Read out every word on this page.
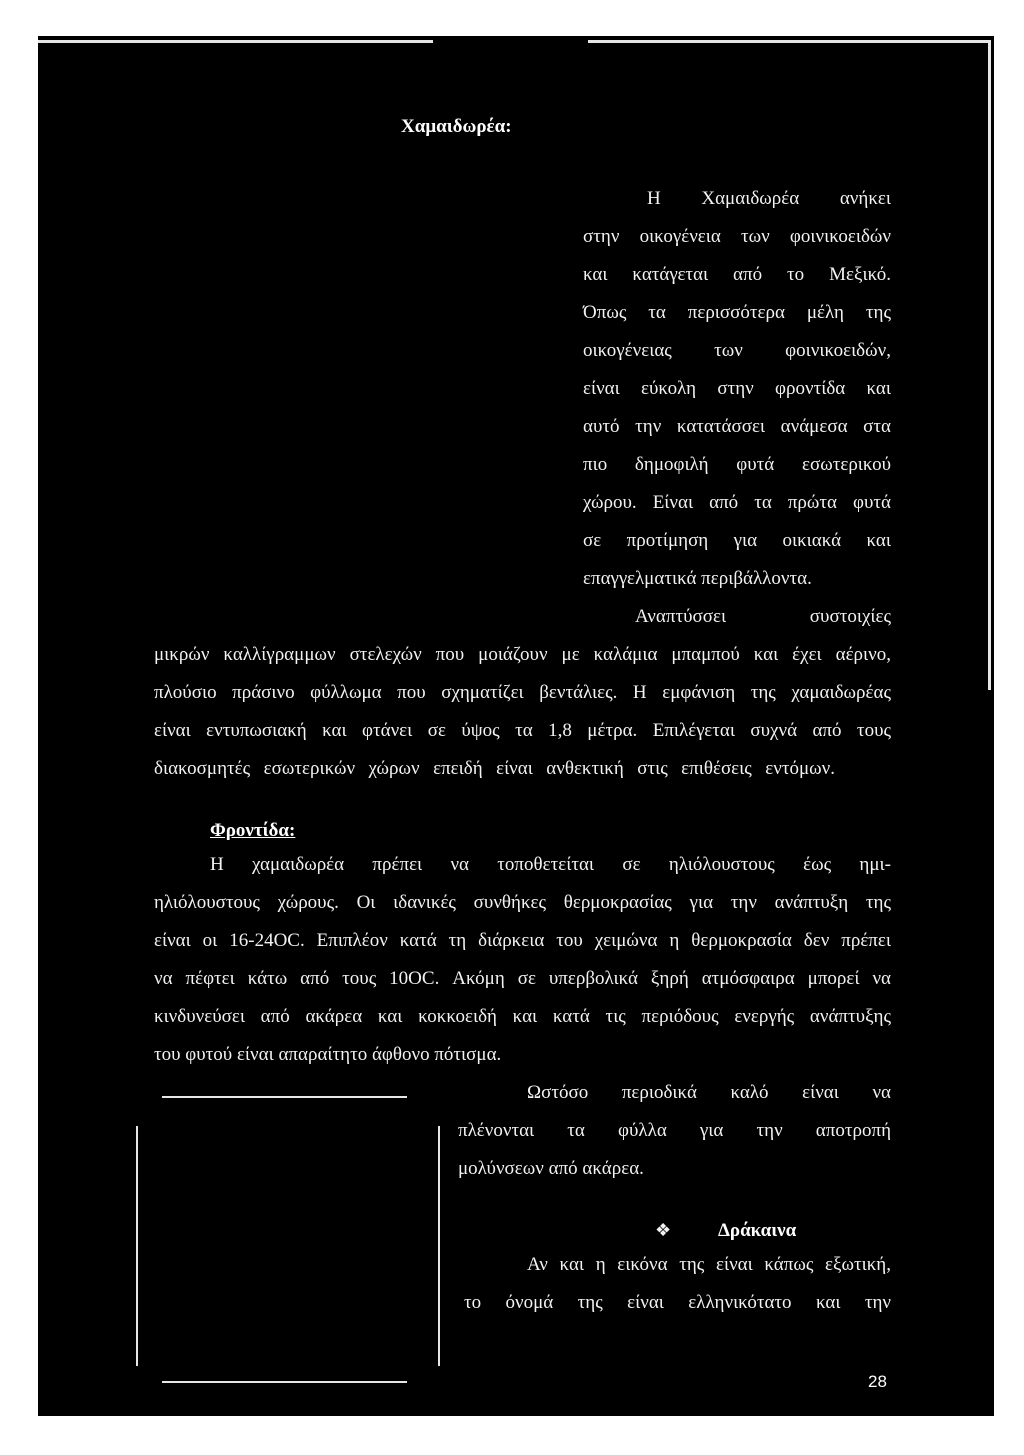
Χαμαιδωρέα:
Η Χαμαιδωρέα ανήκει
στην οικογένεια των φοινικοειδών
και κατάγεται από το Μεξικό.
Όπως τα περισσότερα μέλη της
οικογένειας των φοινικοειδών,
είναι εύκολη στην φροντίδα και
αυτό την κατατάσσει ανάμεσα στα
πιο δημοφιλή φυτά εσωτερικού
χώρου. Είναι από τα πρώτα φυτά
σε προτίμηση για οικιακά και
επαγγελματικά περιβάλλοντα.
Αναπτύσσει συστοιχίες
μικρών καλλίγραμμων στελεχών που μοιάζουν με καλάμια μπαμπού και έχει αέρινο,
πλούσιο πράσινο φύλλωμα που σχηματίζει βεντάλιες. Η εμφάνιση της χαμαιδωρέας
είναι εντυπωσιακή και φτάνει σε ύψος τα 1,8 μέτρα. Επιλέγεται συχνά από τους
διακοσμητές εσωτερικών χώρων επειδή είναι ανθεκτική στις επιθέσεις εντόμων.
Φροντίδα:
Η χαμαιδωρέα πρέπει να τοποθετείται σε ηλιόλουστους έως ημι-
ηλιόλουστους χώρους. Οι ιδανικές συνθήκες θερμοκρασίας για την ανάπτυξη της
είναι οι 16-24ΟC. Επιπλέον κατά τη διάρκεια του χειμώνα η θερμοκρασία δεν πρέπει
να πέφτει κάτω από τους 10ΟC. Ακόμη σε υπερβολικά ξηρή ατμόσφαιρα μπορεί να
κινδυνεύσει από ακάρεα και κοκκοειδή και κατά τις περιόδους ενεργής ανάπτυξης
του φυτού είναι απαραίτητο άφθονο πότισμα.
Ωστόσο περιοδικά καλό είναι να
πλένονται τα φύλλα για την αποτροπή
μολύνσεων από ακάρεα.
❖ Δράκαινα
Αν και η εικόνα της είναι κάπως εξωτική,
το όνομά της είναι ελληνικότατο και την
28
